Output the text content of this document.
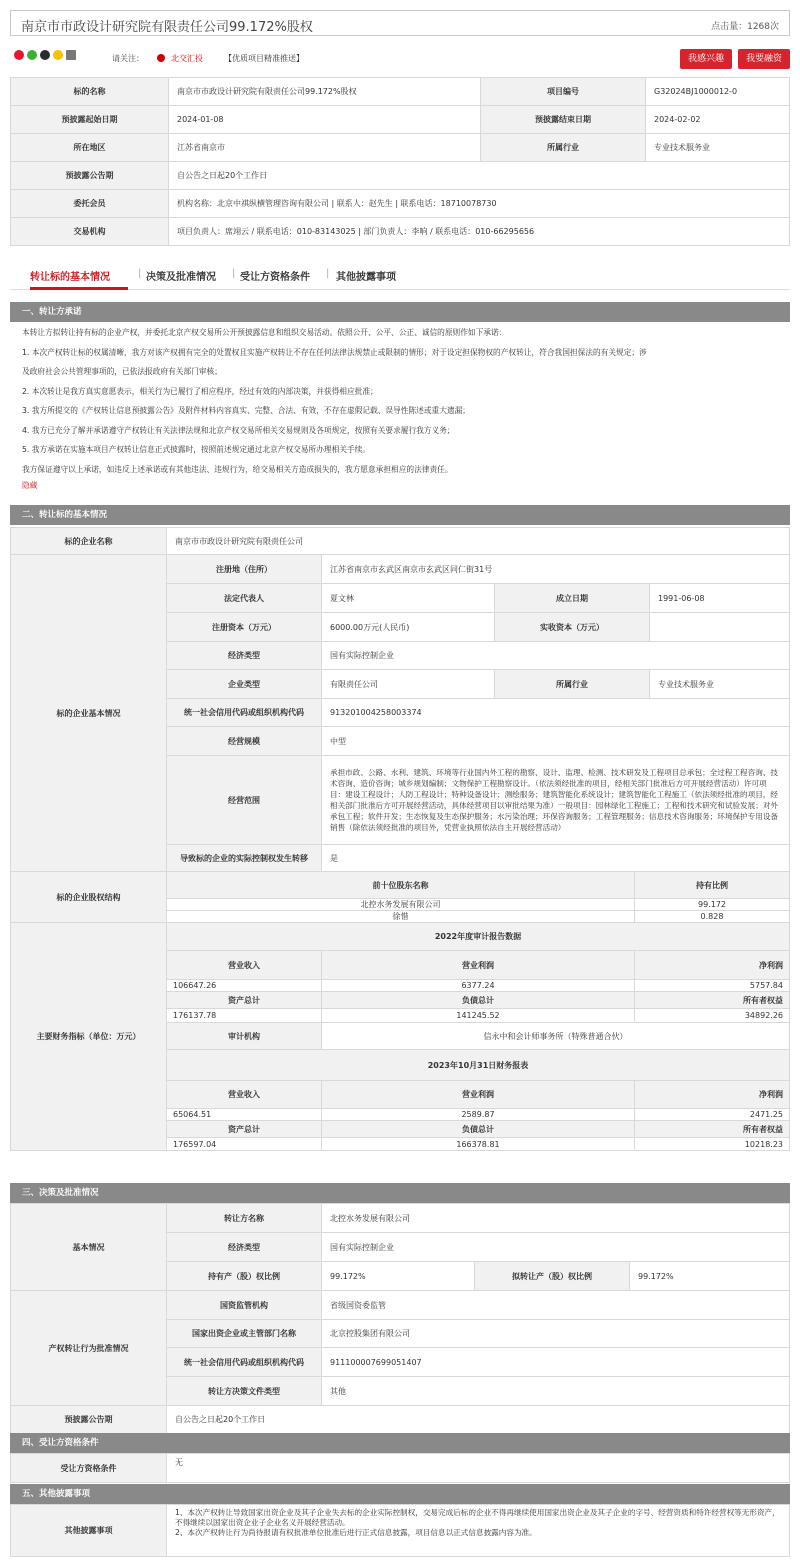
南京市市政设计研究院有限责任公司99.172%股权	点击量：1268次
请关注：	北交汇投	【优质项目精准推送】	我感兴趣	我要融资
标的名称	南京市市政设计研究院有限责任公司99.172%股权	项目编号	G32024BJ1000012-0
预披露起始日期	2024-01-08	预披露结束日期	2024-02-02
所在地区	江苏省南京市	所属行业	专业技术服务业
预披露公告期	自公告之日起20个工作日		
委托会员	机构名称：北京中祺纵横管理咨询有限公司 | 联系人：赵先生 | 联系电话：18710078730		
交易机构	项目负责人：席翊云 / 联系电话：010-83143025 | 部门负责人：李响 / 联系电话：010-66295656		
转让标的基本情况	| 决策及批准情况 | 受让方资格条件 | 其他披露事项
一、转让方承诺

本转让方拟转让持有标的企业产权，并委托北京产权交易所公开预披露信息和组织交易活动。依照公开、公平、公正、诚信的原则作如下承诺：

1. 本次产权转让标的权属清晰，我方对该产权拥有完全的处置权且实施产权转让不存在任何法律法规禁止或限制的情形；对于设定担保物权的产权转让，符合我国担保法的有关规定；涉

及政府社会公共管理事项的，已依法报政府有关部门审核；

2. 本次转让是我方真实意愿表示，相关行为已履行了相应程序，经过有效的内部决策，并获得相应批准；

3. 我方所提交的《产权转让信息预披露公告》及附件材料内容真实、完整、合法、有效，不存在虚假记载、误导性陈述或重大遗漏；

4. 我方已充分了解并承诺遵守产权转让有关法律法规和北京产权交易所相关交易规则及各项规定，按照有关要求履行我方义务；

5. 我方承诺在实施本项目产权转让信息正式披露时，按照前述规定通过北京产权交易所办理相关手续。

我方保证遵守以上承诺，如违反上述承诺或有其他违法、违规行为，给交易相关方造成损失的，我方愿意承担相应的法律责任。

隐藏

二、转让标的基本情况
标的企业名称	南京市市政设计研究院有限责任公司			
标的企业基本情况	注册地（住所）	江苏省南京市玄武区南京市玄武区同仁街31号		
	法定代表人	夏文林	成立日期	1991-06-08
	注册资本（万元）	6000.00万元(人民币)	实收资本（万元）	
	经济类型	国有实际控制企业		
	企业类型	有限责任公司	所属行业	专业技术服务业
	统一社会信用代码或组织机构代码	913201004258003374		
	经营规模	中型		
	经营范围	承担市政、公路、水利、建筑、环境等行业国内外工程的勘察、设计、监理、检测、技术研发及工程项目总承包；全过程工程咨询、技术咨询、造价咨询；城乡规划编制；文物保护工程勘察设计。（依法须经批准的项目，经相关部门批准后方可开展经营活动）许可项目：建设工程设计；人防工程设计；特种设备设计；测绘服务；建筑智能化系统设计；建筑智能化工程施工（依法须经批准的项目，经相关部门批准后方可开展经营活动，具体经营项目以审批结果为准）一般项目：园林绿化工程施工；工程和技术研究和试验发展；对外承包工程；软件开发；生态恢复及生态保护服务；水污染治理；环保咨询服务；工程管理服务；信息技术咨询服务；环境保护专用设备销售（除依法须经批准的项目外，凭营业执照依法自主开展经营活动）		
	导致标的企业的实际控制权发生转移	是		
标的企业股权结构	前十位股东名称	持有比例
	北控水务发展有限公司	99.172
	徐惜	0.828
主要财务指标（单位：万元）	2022年度审计报告数据		
	营业收入	营业利润	净利润
	106647.26	6377.24	5757.84
	资产总计	负债总计	所有者权益
	176137.78	141245.52	34892.26
	审计机构	信永中和会计师事务所（特殊普通合伙）	
	2023年10月31日财务报表		
	营业收入	营业利润	净利润
	65064.51	2589.87	2471.25
	资产总计	负债总计	所有者权益
	176597.04	166378.81	10218.23
三、决策及批准情况
基本情况	转让方名称	北控水务发展有限公司		
	经济类型	国有实际控制企业		
	持有产（股）权比例	99.172%	拟转让产（股）权比例	99.172%
产权转让行为批准情况	国资监管机构	省级国资委监管		
	国家出资企业或主管部门名称	北京控股集团有限公司		
	统一社会信用代码或组织机构代码	911100007699051407		
	转让方决策文件类型	其他		
预披露公告期	自公告之日起20个工作日			
四、受让方资格条件
受让方资格条件	无
五、其他披露事项
其他披露事项	
1、本次产权转让导致国家出资企业及其子企业失去标的企业实际控制权，交易完成后标的企业不得再继续使用国家出资企业及其子企业的字号、经营资质和特许经营权等无形资产，不得继续以国家出资企业子企业名义开展经营活动。
2、本次产权转让行为尚待报请有权批准单位批准后进行正式信息披露，项目信息以正式信息披露内容为准。
